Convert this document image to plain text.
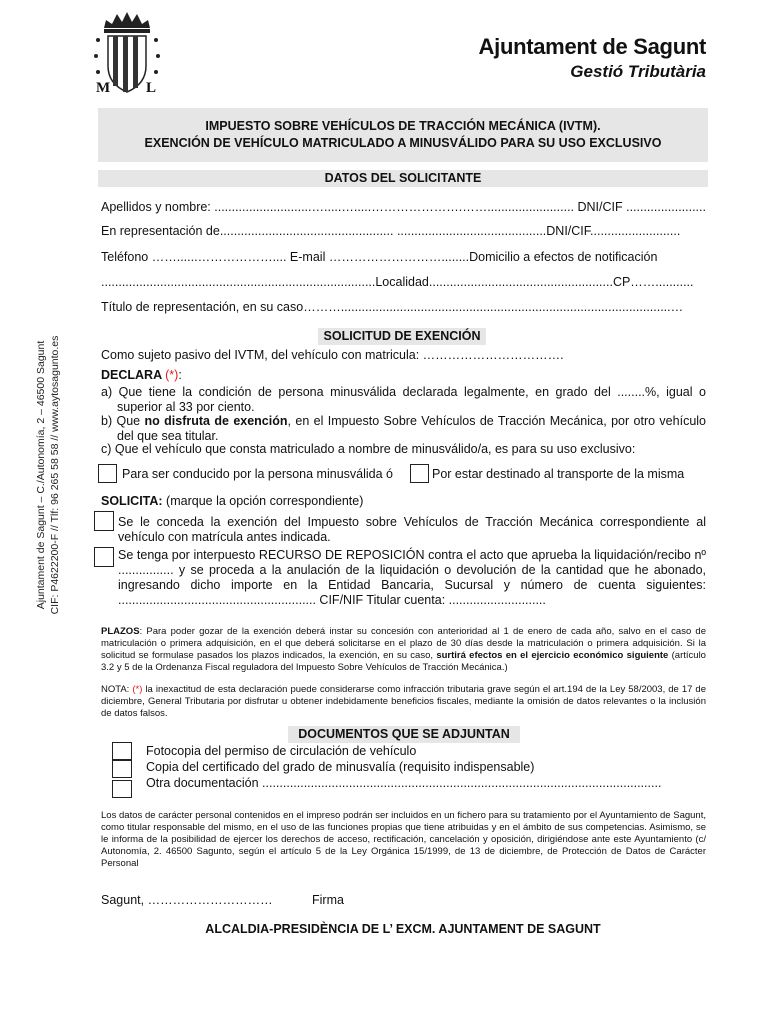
M L
Ajuntament de Sagunt
Gestió Tributària
IMPUESTO SOBRE VEHÍCULOS DE TRACCIÓN MECÁNICA (IVTM).
EXENCIÓN DE VEHÍCULO MATRICULADO A MINUSVÁLIDO PARA SU USO EXCLUSIVO
Ajuntament de Sagunt – C./Autonomía, 2 – 46500 Sagunt CIF: P4622200-F // Tlf: 96 265 58 58 // www.aytosagunto.es
DATOS DEL SOLICITANTE
Apellidos y nombre: ............................….....….....………………….……......................... DNI/CIF .......................
En representación de.................................................. ...........................................DNI/CIF..........................
Teléfono ……......……………….... E-mail ………………………........Domicilio a efectos de notificación
...............................................................................Localidad.....................................................CP……...........
Título de representación, en su caso………...............................................................................................…
SOLICITUD DE EXENCIÓN
Como sujeto pasivo del IVTM, del vehículo con matricula: …………………………….
DECLARA (*):
a) Que tiene la condición de persona minusválida declarada legalmente, en grado del ........%, igual o superior al 33 por ciento.
b) Que no disfruta de exención, en el Impuesto Sobre Vehículos de Tracción Mecánica, por otro vehículo del que sea titular.
c) Que el vehículo que consta matriculado a nombre de minusválido/a, es para su uso exclusivo:
Para ser conducido por la persona minusválida ó	Por estar destinado al transporte de la misma
SOLICITA: (marque la opción correspondiente)
Se le conceda la exención del Impuesto sobre Vehículos de Tracción Mecánica correspondiente al vehículo con matrícula antes indicada.
Se tenga por interpuesto RECURSO DE REPOSICIÓN contra el acto que aprueba la liquidación/recibo nº ................ y se proceda a la anulación de la liquidación o devolución de la cantidad que he abonado, ingresando dicho importe en la Entidad Bancaria, Sucursal y número de cuenta siguientes: ......................................................... CIF/NIF Titular cuenta: ............................
PLAZOS: Para poder gozar de la exención deberá instar su concesión con anterioridad al 1 de enero de cada año, salvo en el caso de matriculación o primera adquisición, en el que deberá solicitarse en el plazo de 30 días desde la matriculación o primera adquisición. Si la solicitud se formulase pasados los plazos indicados, la exención, en su caso, surtirá efectos en el ejercicio económico siguiente (artículo 3.2 y 5 de la Ordenanza Fiscal reguladora del Impuesto Sobre Vehículos de Tracción Mecánica.)
NOTA: (*) la inexactitud de esta declaración puede considerarse como infracción tributaria grave según el art.194 de la Ley 58/2003, de 17 de diciembre, General Tributaria por disfrutar u obtener indebidamente beneficios fiscales, mediante la omisión de datos relevantes o la inclusión de datos falsos.
DOCUMENTOS QUE SE ADJUNTAN
Fotocopia del permiso de circulación de vehículo
Copia del certificado del grado de minusvalía (requisito indispensable)
Otra documentación ...................................................................................................................
Los datos de carácter personal contenidos en el impreso podrán ser incluidos en un fichero para su tratamiento por el Ayuntamiento de Sagunt, como titular responsable del mismo, en el uso de las funciones propias que tiene atribuidas y en el ámbito de sus competencias. Asimismo, se le informa de la posibilidad de ejercer los derechos de acceso, rectificación, cancelación y oposición, dirigiéndose ante este Ayuntamiento (c/ Autonomía, 2. 46500 Sagunto, según el artículo 5 de la Ley Orgánica 15/1999, de 13 de diciembre, de Protección de Datos de Carácter Personal
Sagunt, …………………………	Firma
ALCALDIA-PRESIDÈNCIA DE L’ EXCM. AJUNTAMENT DE SAGUNT
